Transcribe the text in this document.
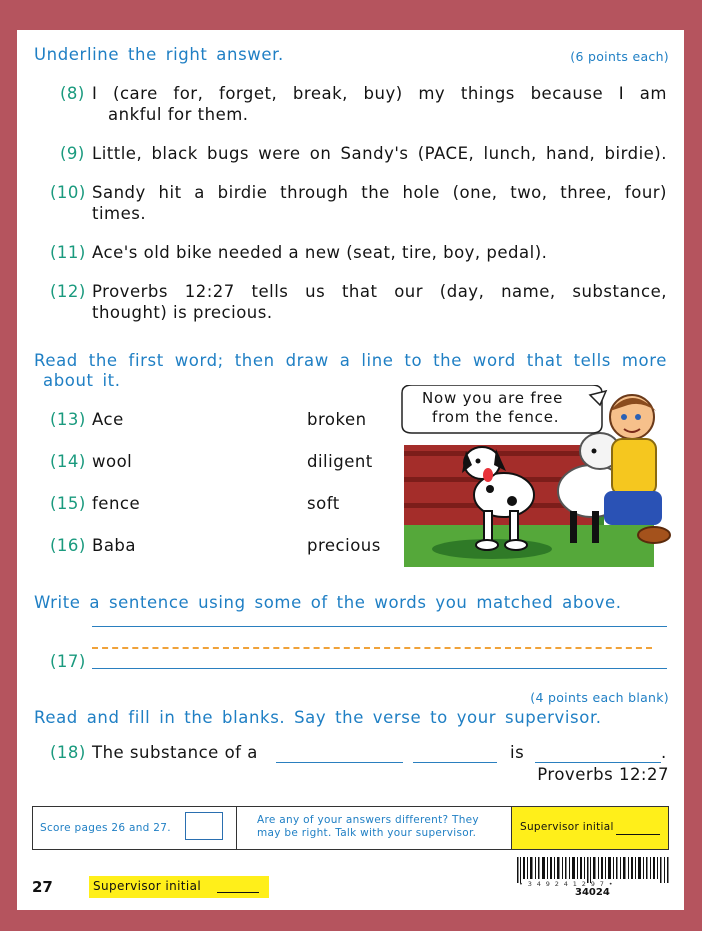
Underline the right answer.	(6 points each)
(8) I (care for, forget, break, buy) my things because I am
ankful for them.
(9) Little, black bugs were on Sandy's (PACE, lunch, hand, birdie).
(10) Sandy hit a birdie through the hole (one, two, three, four)
times.
(11) Ace's old bike needed a new (seat, tire, boy, pedal).
(12) Proverbs 12:27 tells us that our (day, name, substance,
thought) is precious.
Read the first word; then draw a line to the word that tells more
about it.
(13) Ace	broken
(14) wool	diligent
(15) fence	soft
(16) Baba	precious
Now you are free
from the fence.
Write a sentence using some of the words you matched above.
(17)
(4 points each blank)
Read and fill in the blanks. Say the verse to your supervisor.
(18) The substance of a	is	.
Proverbs 12:27
Score pages 26 and 27.
Are any of your answers different? They
may be right. Talk with your supervisor.	Supervisor initial
27	Supervisor initial	• 3 4 9 2 4 1 2 9 7 •
34024
